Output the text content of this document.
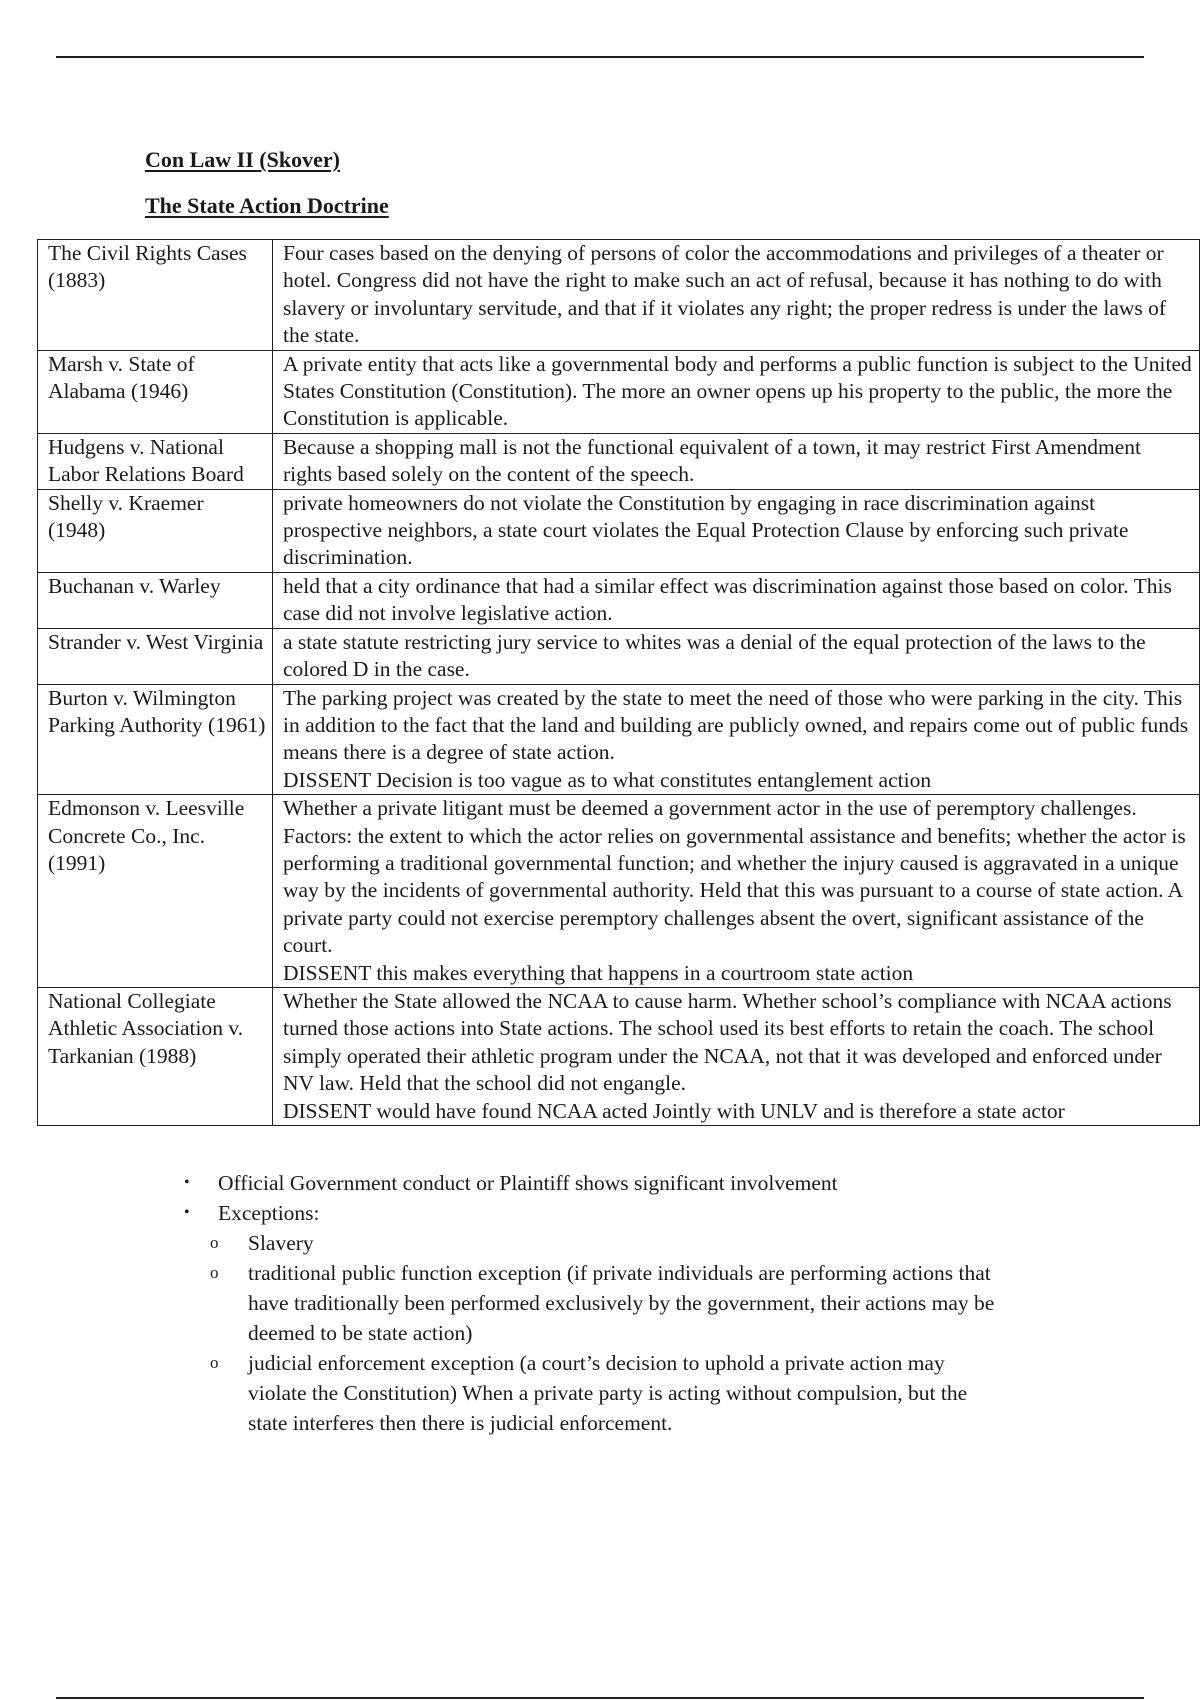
Con Law II (Skover)
The State Action Doctrine
The Civil Rights Cases (1883)	Four cases based on the denying of persons of color the accommodations and privileges of a theater or hotel. Congress did not have the right to make such an act of refusal, because it has nothing to do with slavery or involuntary servitude, and that if it violates any right; the proper redress is under the laws of the state.
Marsh v. State of Alabama (1946)	A private entity that acts like a governmental body and performs a public function is subject to the United States Constitution (Constitution). The more an owner opens up his property to the public, the more the Constitution is applicable.
Hudgens v. National Labor Relations Board	Because a shopping mall is not the functional equivalent of a town, it may restrict First Amendment rights based solely on the content of the speech.
Shelly v. Kraemer (1948)	private homeowners do not violate the Constitution by engaging in race discrimination against prospective neighbors, a state court violates the Equal Protection Clause by enforcing such private discrimination.
Buchanan v. Warley	held that a city ordinance that had a similar effect was discrimination against those based on color. This case did not involve legislative action.
Strander v. West Virginia	a state statute restricting jury service to whites was a denial of the equal protection of the laws to the colored D in the case.
Burton v. Wilmington Parking Authority (1961)	The parking project was created by the state to meet the need of those who were parking in the city. This in addition to the fact that the land and building are publicly owned, and repairs come out of public funds means there is a degree of state action.
DISSENT Decision is too vague as to what constitutes entanglement action
Edmonson v. Leesville Concrete Co., Inc. (1991)	Whether a private litigant must be deemed a government actor in the use of peremptory challenges. Factors: the extent to which the actor relies on governmental assistance and benefits; whether the actor is performing a traditional governmental function; and whether the injury caused is aggravated in a unique way by the incidents of governmental authority. Held that this was pursuant to a course of state action. A private party could not exercise peremptory challenges absent the overt, significant assistance of the court.
DISSENT this makes everything that happens in a courtroom state action
National Collegiate Athletic Association v. Tarkanian (1988)	Whether the State allowed the NCAA to cause harm. Whether school’s compliance with NCAA actions turned those actions into State actions. The school used its best efforts to retain the coach. The school simply operated their athletic program under the NCAA, not that it was developed and enforced under NV law. Held that the school did not engangle.
DISSENT would have found NCAA acted Jointly with UNLV and is therefore a state actor
• Official Government conduct or Plaintiff shows significant involvement
• Exceptions:
o Slavery
o traditional public function exception (if private individuals are performing actions that have traditionally been performed exclusively by the government, their actions may be deemed to be state action)
o judicial enforcement exception (a court’s decision to uphold a private action may violate the Constitution) When a private party is acting without compulsion, but the state interferes then there is judicial enforcement.
